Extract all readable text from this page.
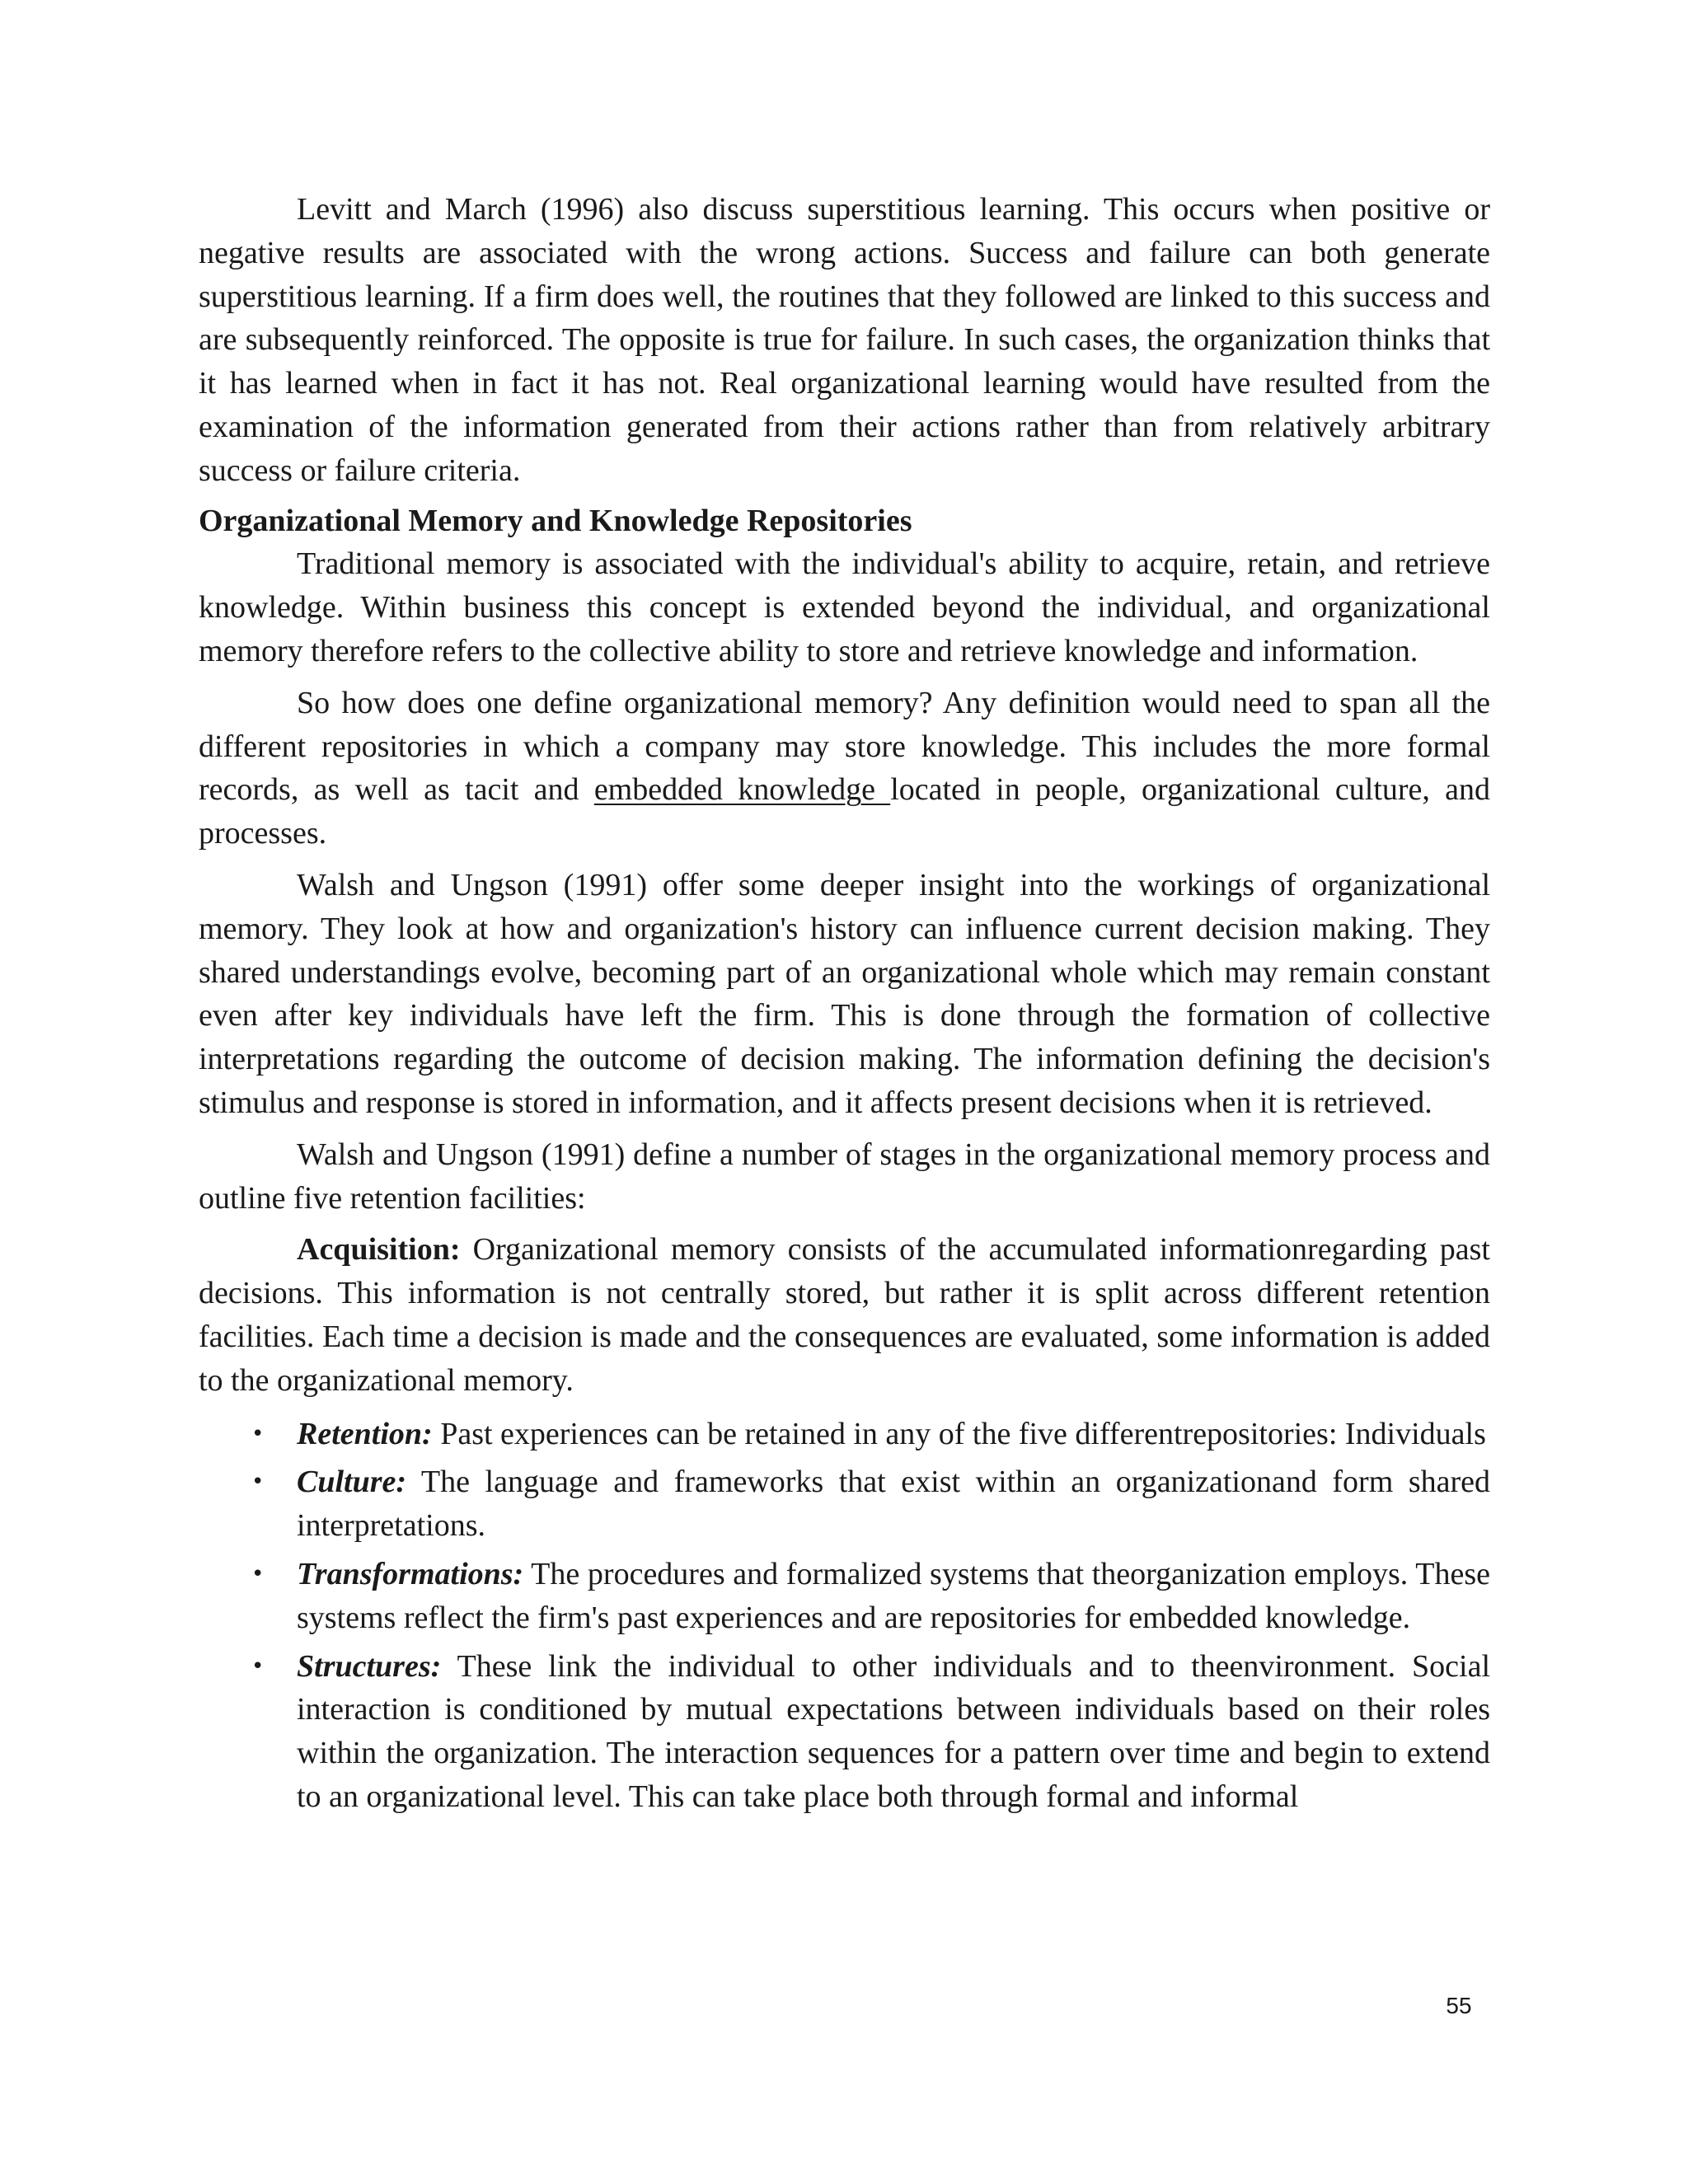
Levitt and March (1996) also discuss superstitious learning. This occurs when positive or negative results are associated with the wrong actions. Success and failure can both generate superstitious learning. If a firm does well, the routines that they followed are linked to this success and are subsequently reinforced. The opposite is true for failure. In such cases, the organization thinks that it has learned when in fact it has not. Real organizational learning would have resulted from the examination of the information generated from their actions rather than from relatively arbitrary success or failure criteria.

Organizational Memory and Knowledge Repositories

Traditional memory is associated with the individual's ability to acquire, retain, and retrieve knowledge. Within business this concept is extended beyond the individual, and organizational memory therefore refers to the collective ability to store and retrieve knowledge and information.

So how does one define organizational memory? Any definition would need to span all the different repositories in which a company may store knowledge. This includes the more formal records, as well as tacit and embedded knowledge located in people, organizational culture, and processes.

Walsh and Ungson (1991) offer some deeper insight into the workings of organizational memory. They look at how and organization's history can influence current decision making. They shared understandings evolve, becoming part of an organizational whole which may remain constant even after key individuals have left the firm. This is done through the formation of collective interpretations regarding the outcome of decision making. The information defining the decision's stimulus and response is stored in information, and it affects present decisions when it is retrieved.

Walsh and Ungson (1991) define a number of stages in the organizational memory process and outline five retention facilities:

Acquisition: Organizational memory consists of the accumulated informationregarding past decisions. This information is not centrally stored, but rather it is split across different retention facilities. Each time a decision is made and the consequences are evaluated, some information is added to the organizational memory.

• Retention: Past experiences can be retained in any of the five differentrepositories: Individuals
• Culture: The language and frameworks that exist within an organizationand form shared interpretations.
• Transformations: The procedures and formalized systems that theorganization employs. These systems reflect the firm's past experiences and are repositories for embedded knowledge.
• Structures: These link the individual to other individuals and to theenvironment. Social interaction is conditioned by mutual expectations between individuals based on their roles within the organization. The interaction sequences for a pattern over time and begin to extend to an organizational level. This can take place both through formal and informal
55
